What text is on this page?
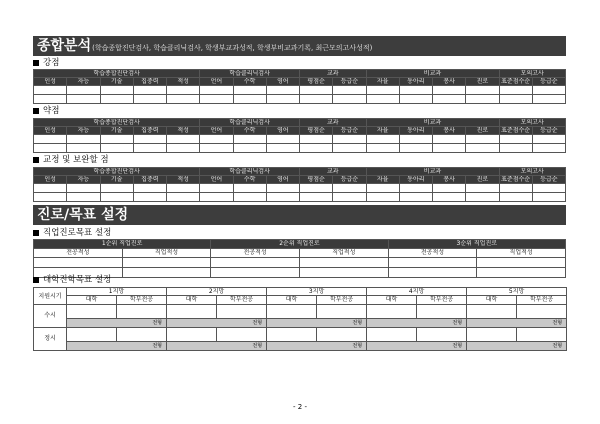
종합분석 (학습종합진단검사, 학습클리닉검사, 학생부교과성적, 학생부비교과기록, 최근모의고사성적)
강점
학습종합진단검사					학습클리닉검사			교과		비교과				모의고사	
인성	자능	기술	집중력	적성	언어	수학	영어	평점순	등급순	자율	동아리	봉사	진로	표준점수순	등급순

약점
학습종합진단검사					학습클리닉검사			교과		비교과				모의고사	
인성	자능	기술	집중력	적성	언어	수학	영어	평점순	등급순	자율	동아리	봉사	진로	표준점수순	등급순

교정 및 보완할 점
학습종합진단검사					학습클리닉검사			교과		비교과				모의고사	
인성	자능	기술	집중력	적성	언어	수학	영어	평점순	등급순	자율	동아리	봉사	진로	표준점수순	등급순

진로/목표 설정
직업진로목표 설정
1순위 직업진로		2순위 직업진로		3순위 직업진로	
전공적성	직업적성	전공적성	직업적성	전공적성	직업적성

대학진학목표 설정
지원시기	1지망		2지망		3지망		4지망		5지망	
	대학	학부전공	대학	학부전공	대학	학부전공	대학	학부전공	대학	학부전공
수시										
	전형		전형		전형		전형		전형	
정시										
	전형		전형		전형		전형		전형	
- 2 -
